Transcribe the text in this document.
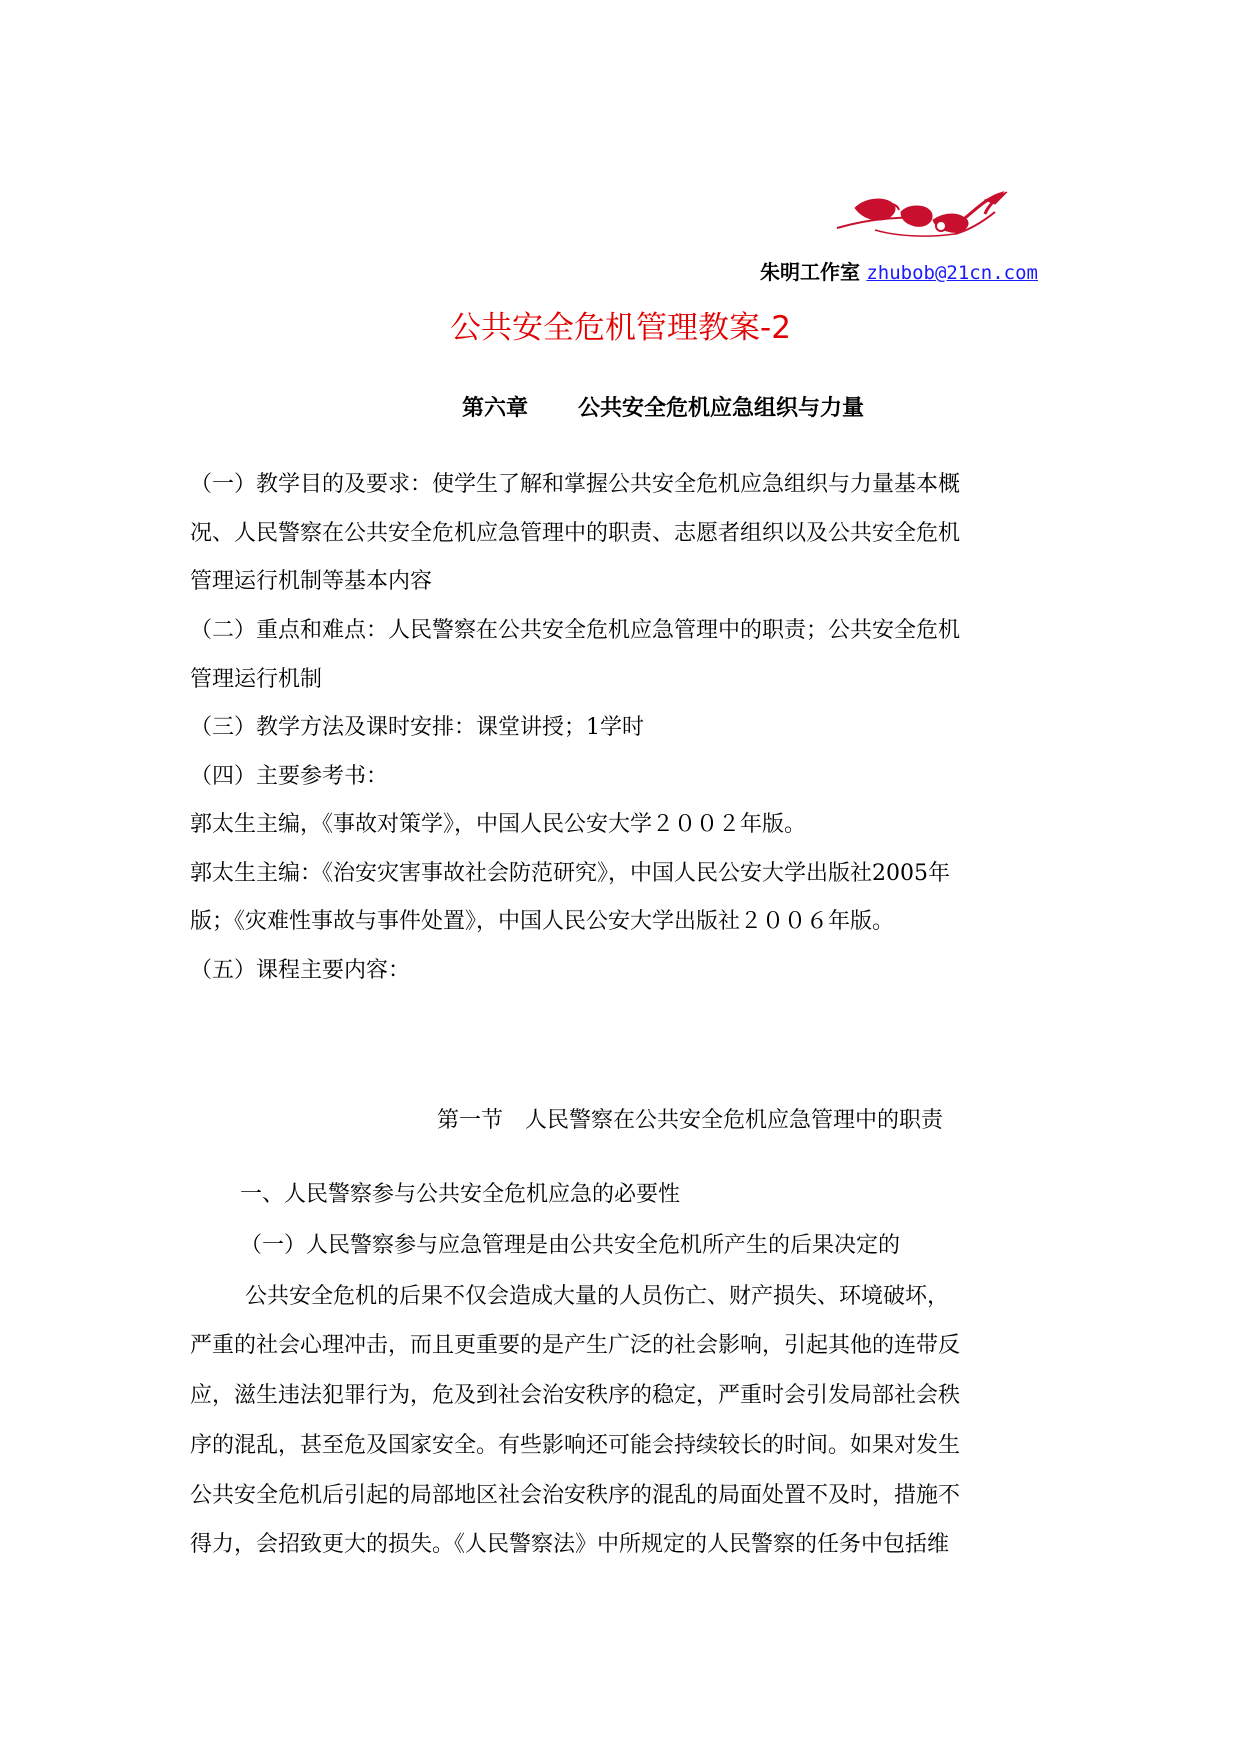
朱明工作室 zhubob@21cn.com
公共安全危机管理教案-2
第六章 公共安全危机应急组织与力量
（一）教学目的及要求：使学生了解和掌握公共安全危机应急组织与力量基本概
况、人民警察在公共安全危机应急管理中的职责、志愿者组织以及公共安全危机
管理运行机制等基本内容
（二）重点和难点：人民警察在公共安全危机应急管理中的职责；公共安全危机
管理运行机制
（三）教学方法及课时安排：课堂讲授；1学时
（四）主要参考书：
郭太生主编，《事故对策学》，中国人民公安大学２００２年版。
郭太生主编：《治安灾害事故社会防范研究》，中国人民公安大学出版社2005年
版；《灾难性事故与事件处置》，中国人民公安大学出版社２００６年版。
（五）课程主要内容：
第一节 人民警察在公共安全危机应急管理中的职责
一、人民警察参与公共安全危机应急的必要性
（一）人民警察参与应急管理是由公共安全危机所产生的后果决定的
公共安全危机的后果不仅会造成大量的人员伤亡、财产损失、环境破坏，
严重的社会心理冲击，而且更重要的是产生广泛的社会影响，引起其他的连带反
应，滋生违法犯罪行为，危及到社会治安秩序的稳定，严重时会引发局部社会秩
序的混乱，甚至危及国家安全。有些影响还可能会持续较长的时间。如果对发生
公共安全危机后引起的局部地区社会治安秩序的混乱的局面处置不及时，措施不
得力，会招致更大的损失。《人民警察法》中所规定的人民警察的任务中包括维
